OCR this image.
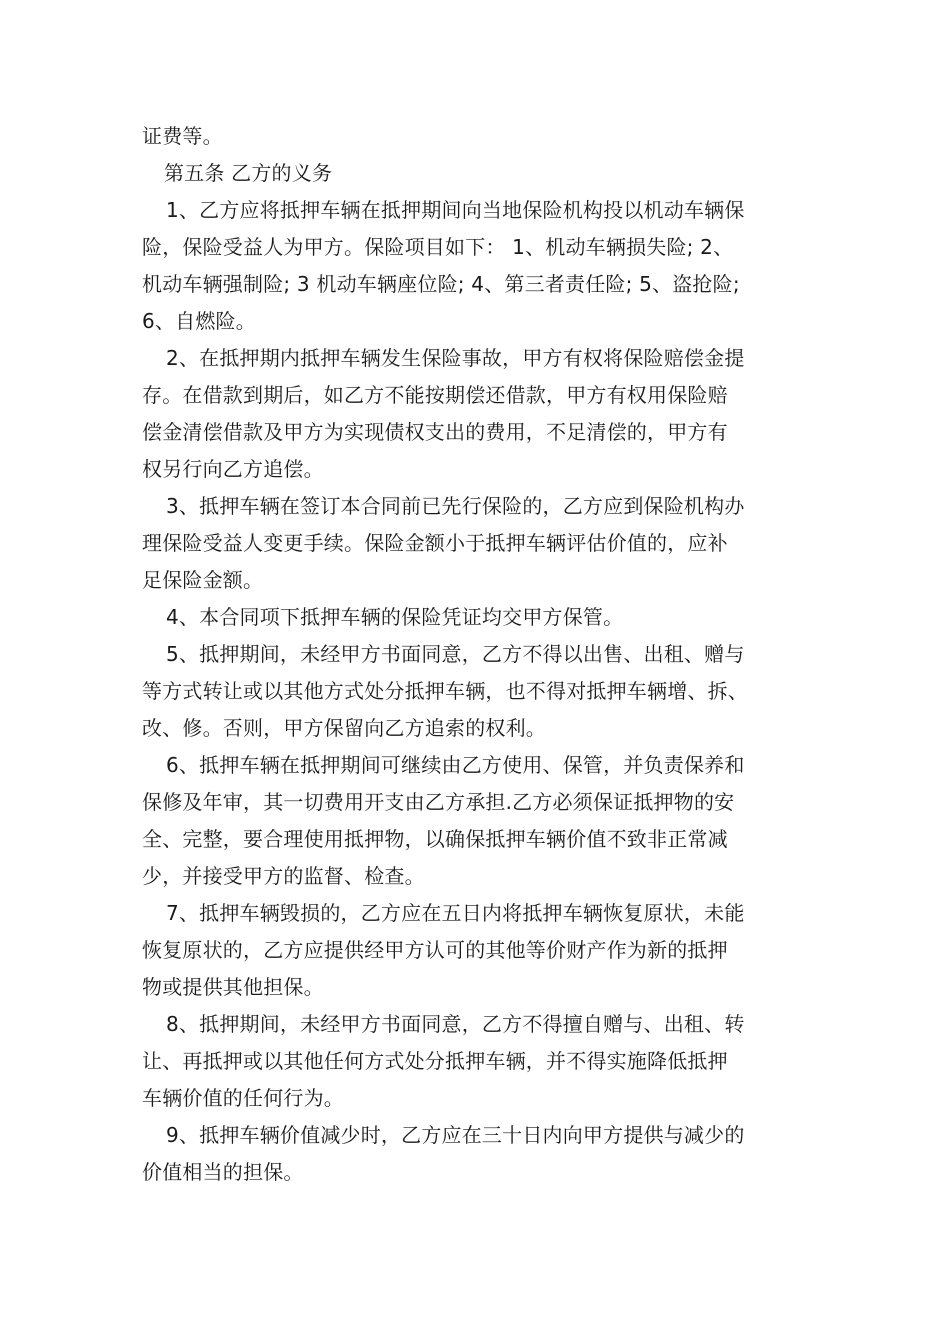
证费等。

第五条 乙方的义务

1、乙方应将抵押车辆在抵押期间向当地保险机构投以机动车辆保

险，保险受益人为甲方。保险项目如下： 1、机动车辆损失险; 2、

机动车辆强制险; 3 机动车辆座位险; 4、第三者责任险; 5、盗抢险;

6、自燃险。

2、在抵押期内抵押车辆发生保险事故，甲方有权将保险赔偿金提

存。在借款到期后，如乙方不能按期偿还借款，甲方有权用保险赔

偿金清偿借款及甲方为实现债权支出的费用，不足清偿的，甲方有

权另行向乙方追偿。

3、抵押车辆在签订本合同前已先行保险的，乙方应到保险机构办

理保险受益人变更手续。保险金额小于抵押车辆评估价值的，应补

足保险金额。

4、本合同项下抵押车辆的保险凭证均交甲方保管。

5、抵押期间，未经甲方书面同意，乙方不得以出售、出租、赠与

等方式转让或以其他方式处分抵押车辆，也不得对抵押车辆增、拆、

改、修。否则，甲方保留向乙方追索的权利。

6、抵押车辆在抵押期间可继续由乙方使用、保管，并负责保养和

保修及年审，其一切费用开支由乙方承担.乙方必须保证抵押物的安

全、完整，要合理使用抵押物，以确保抵押车辆价值不致非正常减

少，并接受甲方的监督、检查。

7、抵押车辆毁损的，乙方应在五日内将抵押车辆恢复原状，未能

恢复原状的，乙方应提供经甲方认可的其他等价财产作为新的抵押

物或提供其他担保。

8、抵押期间，未经甲方书面同意，乙方不得擅自赠与、出租、转

让、再抵押或以其他任何方式处分抵押车辆，并不得实施降低抵押

车辆价值的任何行为。

9、抵押车辆价值减少时，乙方应在三十日内向甲方提供与减少的

价值相当的担保。
